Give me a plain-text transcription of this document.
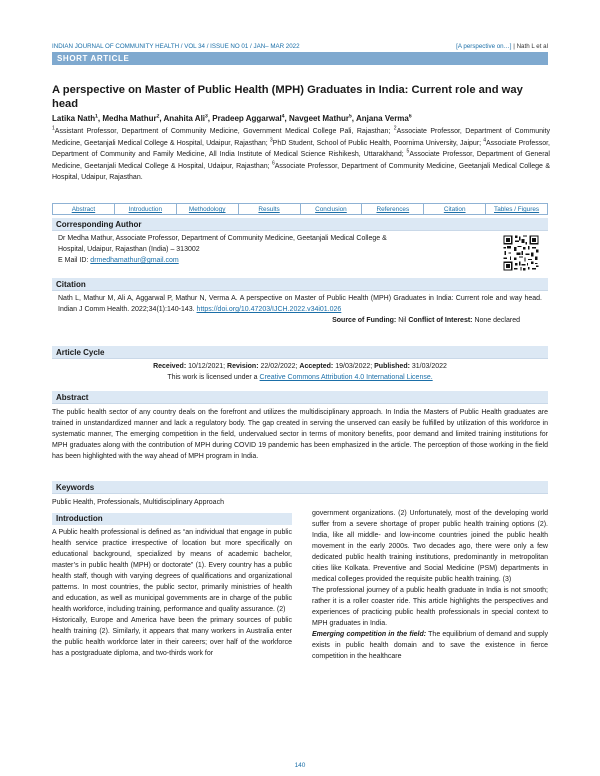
INDIAN JOURNAL OF COMMUNITY HEALTH / VOL 34 / ISSUE NO 01 / JAN– MAR 2022	[A perspective on…] | Nath L et al
SHORT ARTICLE
A perspective on Master of Public Health (MPH) Graduates in India: Current role and way head
Latika Nath$^1$, Medha Mathur$^2$, Anahita Ali$^3$, Pradeep Aggarwal$^4$, Navgeet Mathur$^5$, Anjana Verma$^6$
$^1$Assistant Professor, Department of Community Medicine, Government Medical College Pali, Rajasthan; $^2$Associate Professor, Department of Community Medicine, Geetanjali Medical College & Hospital, Udaipur, Rajasthan; $^3$PhD Student, School of Public Health, Poornima University, Jaipur; $^4$Associate Professor, Department of Community and Family Medicine, All India Institute of Medical Science Rishikesh, Uttarakhand; $^5$Associate Professor, Department of General Medicine, Geetanjali Medical College & Hospital, Udaipur, Rajasthan; $^6$Associate Professor, Department of Community Medicine, Geetanjali Medical College & Hospital, Udaipur, Rajasthan.
Abstract	Introduction	Methodology	Results	Conclusion	References	Citation	Tables / Figures
Corresponding Author
Dr Medha Mathur, Associate Professor, Department of Community Medicine, Geetanjali Medical College &
Hospital, Udaipur, Rajasthan (India) – 313002
E Mail ID: drmedhamathur@gmail.com
Citation
Nath L, Mathur M, Ali A, Aggarwal P, Mathur N, Verma A. A perspective on Master of Public Health (MPH) Graduates in India: Current role and way head. Indian J Comm Health. 2022;34(1):140-143. https://doi.org/10.47203/IJCH.2022.v34i01.026
Source of Funding: Nil Conflict of Interest: None declared
Article Cycle
Received: 10/12/2021; Revision: 22/02/2022; Accepted: 19/03/2022; Published: 31/03/2022
This work is licensed under a Creative Commons Attribution 4.0 International License.
Abstract
The public health sector of any country deals on the forefront and utilizes the multidisciplinary approach. In India the Masters of Public Health graduates are trained in unstandardized manner and lack a regulatory body. The gap created in serving the unserved can easily be fulfilled by utilization of this workforce in systematic manner, The emerging competition in the field, undervalued sector in terms of monitory benefits, poor demand and limited training institutions for MPH graduates along with the contribution of MPH during COVID 19 pandemic has been emphasized in the article. The perception of those working in the field has been highlighted with the way ahead of MPH program in India.
Keywords
Public Health, Professionals, Multidisciplinary Approach
Introduction

A Public health professional is defined as “an individual that engage in public health service practice irrespective of location but more specifically on educational background, specialized by means of academic bachelor, master’s in public health (MPH) or doctorate” (1). Every country has a public health staff, though with varying degrees of qualifications and organizational patterns. In most countries, the public sector, primarily ministries of health and education, as well as municipal governments are in charge of the public health workforce, including training, performance and quality assurance. (2)

Historically, Europe and America have been the primary sources of public health training (2). Similarly, it appears that many workers in Australia enter the public health workforce later in their careers; over half of the workforce has a postgraduate diploma, and two-thirds work for

government organizations. (2) Unfortunately, most of the developing world suffer from a severe shortage of proper public health training options (2). India, like all middle- and low-income countries joined the public health movement in the early 2000s. Two decades ago, there were only a few dedicated public health training institutions, predominantly in metropolitan cities like Kolkata. Preventive and Social Medicine (PSM) departments in medical colleges provided the requisite public health training. (3)

The professional journey of a public health graduate in India is not smooth; rather it is a roller coaster ride. This article highlights the perspectives and experiences of practicing public health professionals in special context to MPH graduates in India.

Emerging competition in the field: The equilibrium of demand and supply exists in public health domain and to save the existence in fierce competition in the healthcare

140
